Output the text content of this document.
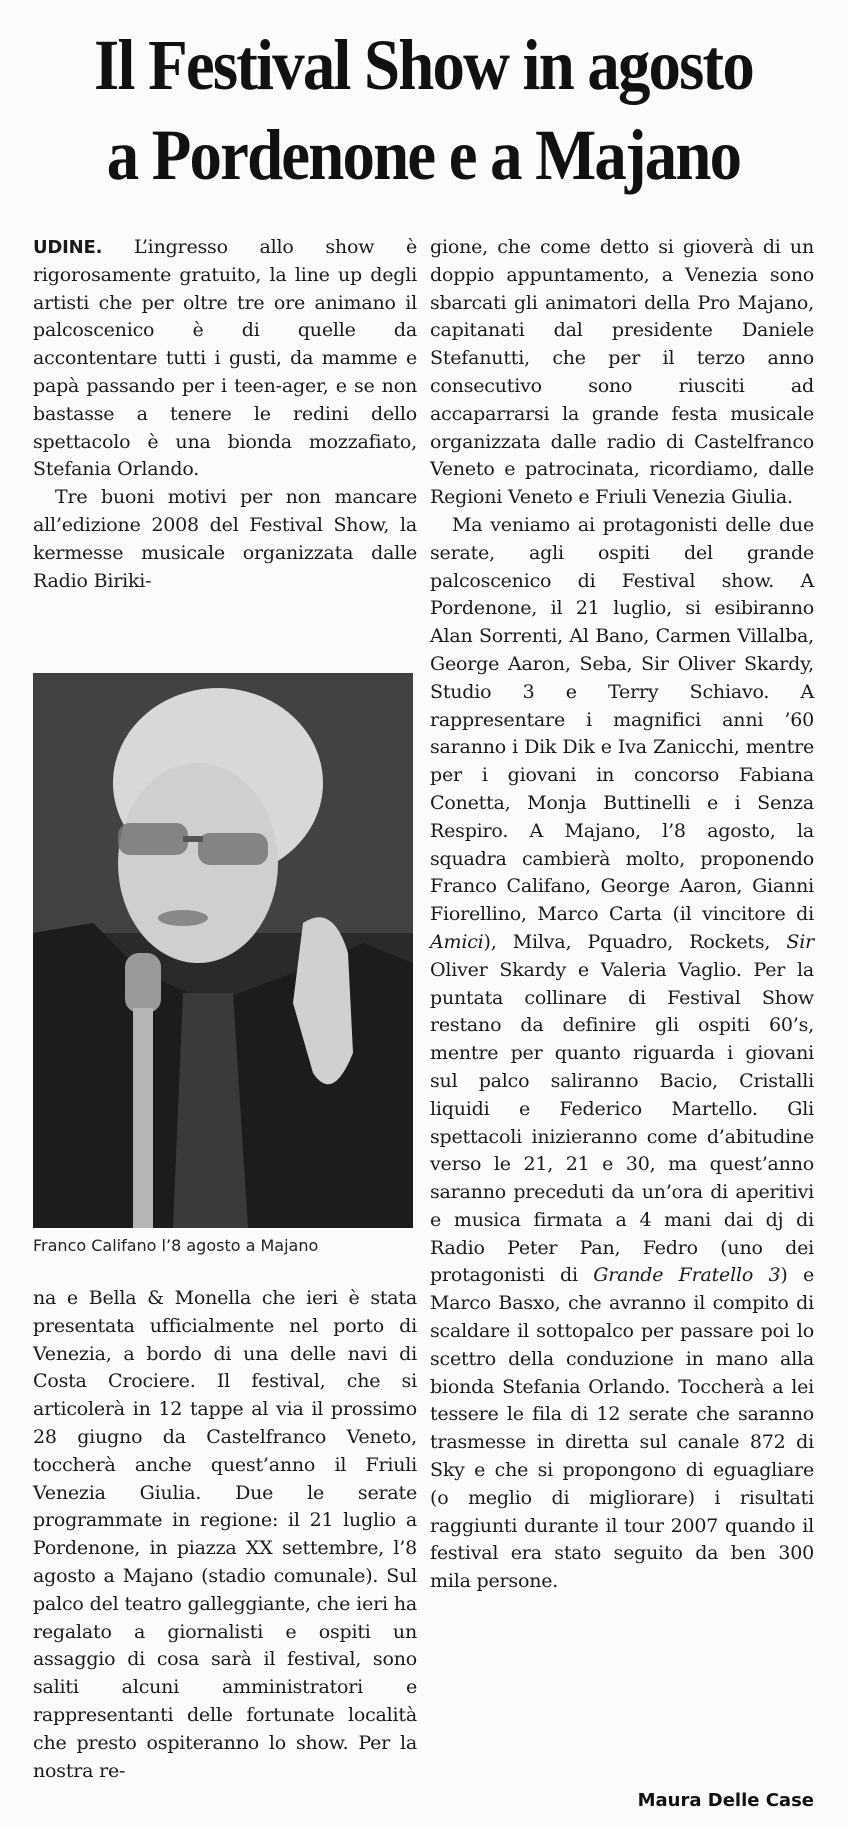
Il Festival Show in agosto a Pordenone e a Majano

UDINE. L’ingresso allo show è rigorosamente gratuito, la line up degli artisti che per oltre tre ore animano il palcoscenico è di quelle da accontentare tutti i gusti, da mamme e papà passando per i teen-ager, e se non bastasse a tenere le redini dello spettacolo è una bionda mozzafiato, Stefania Orlando.

Tre buoni motivi per non mancare all’edizione 2008 del Festival Show, la kermesse musicale organizzata dalle Radio Biriki-

Franco Califano l’8 agosto a Majano

na e Bella & Monella che ieri è stata presentata ufficialmente nel porto di Venezia, a bordo di una delle navi di Costa Crociere. Il festival, che si articolerà in 12 tappe al via il prossimo 28 giugno da Castelfranco Veneto, toccherà anche quest’anno il Friuli Venezia Giulia. Due le serate programmate in regione: il 21 luglio a Pordenone, in piazza XX settembre, l’8 agosto a Majano (stadio comunale). Sul palco del teatro galleggiante, che ieri ha regalato a giornalisti e ospiti un assaggio di cosa sarà il festival, sono saliti alcuni amministratori e rappresentanti delle fortunate località che presto ospiteranno lo show. Per la nostra re-

gione, che come detto si gioverà di un doppio appuntamento, a Venezia sono sbarcati gli animatori della Pro Majano, capitanati dal presidente Daniele Stefanutti, che per il terzo anno consecutivo sono riusciti ad accaparrarsi la grande festa musicale organizzata dalle radio di Castelfranco Veneto e patrocinata, ricordiamo, dalle Regioni Veneto e Friuli Venezia Giulia.

Ma veniamo ai protagonisti delle due serate, agli ospiti del grande palcoscenico di Festival show. A Pordenone, il 21 luglio, si esibiranno Alan Sorrenti, Al Bano, Carmen Villalba, George Aaron, Seba, Sir Oliver Skardy, Studio 3 e Terry Schiavo. A rappresentare i magnifici anni ’60 saranno i Dik Dik e Iva Zanicchi, mentre per i giovani in concorso Fabiana Conetta, Monja Buttinelli e i Senza Respiro. A Majano, l’8 agosto, la squadra cambierà molto, proponendo Franco Califano, George Aaron, Gianni Fiorellino, Marco Carta (il vincitore di Amici), Milva, Pquadro, Rockets, Sir Oliver Skardy e Valeria Vaglio. Per la puntata collinare di Festival Show restano da definire gli ospiti 60’s, mentre per quanto riguarda i giovani sul palco saliranno Bacio, Cristalli liquidi e Federico Martello. Gli spettacoli inizieranno come d’abitudine verso le 21, 21 e 30, ma quest’anno saranno preceduti da un’ora di aperitivi e musica firmata a 4 mani dai dj di Radio Peter Pan, Fedro (uno dei protagonisti di Grande Fratello 3) e Marco Basxo, che avranno il compito di scaldare il sottopalco per passare poi lo scettro della conduzione in mano alla bionda Stefania Orlando. Toccherà a lei tessere le fila di 12 serate che saranno trasmesse in diretta sul canale 872 di Sky e che si propongono di eguagliare (o meglio di migliorare) i risultati raggiunti durante il tour 2007 quando il festival era stato seguito da ben 300 mila persone.

Maura Delle Case
